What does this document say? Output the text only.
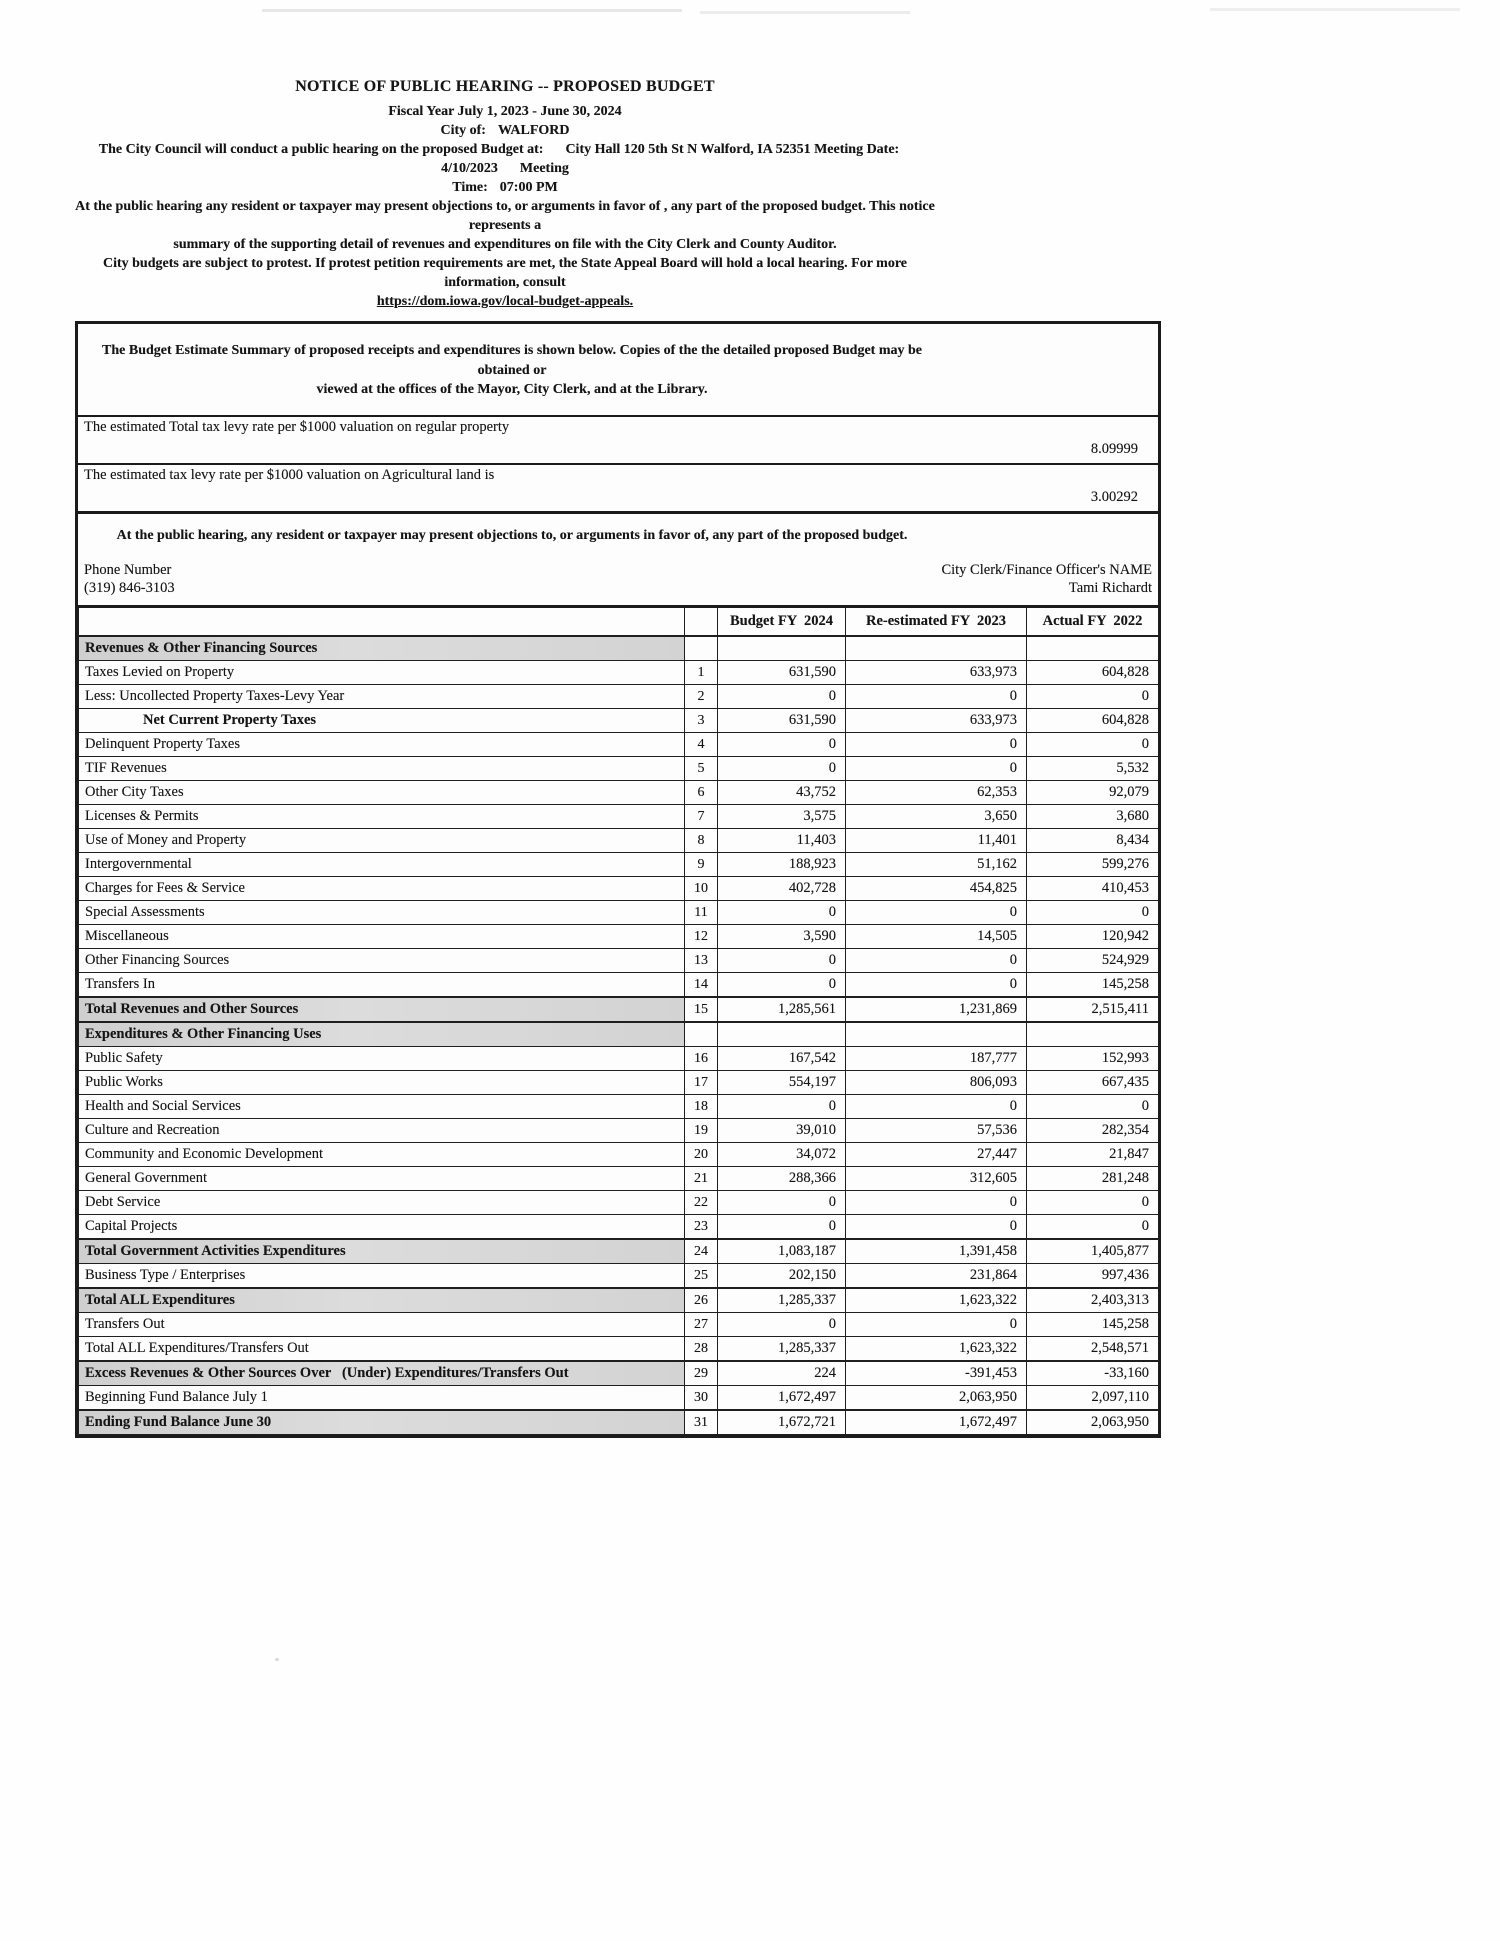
NOTICE OF PUBLIC HEARING -- PROPOSED BUDGET
Fiscal Year July 1, 2023 - June 30, 2024
City of: WALFORD
The City Council will conduct a public hearing on the proposed Budget at: City Hall 120 5th St N Walford, IA 52351 Meeting Date:4/10/2023 Meeting
Time: 07:00 PM
At the public hearing any resident or taxpayer may present objections to, or arguments in favor of , any part of the proposed budget. This notice represents a
summary of the supporting detail of revenues and expenditures on file with the City Clerk and County Auditor.
City budgets are subject to protest. If protest petition requirements are met, the State Appeal Board will hold a local hearing. For more information, consult
https://dom.iowa.gov/local-budget-appeals.
The Budget Estimate Summary of proposed receipts and expenditures is shown below. Copies of the the detailed proposed Budget may be obtained or
viewed at the offices of the Mayor, City Clerk, and at the Library.
The estimated Total tax levy rate per $1000 valuation on regular property
8.09999
The estimated tax levy rate per $1000 valuation on Agricultural land is
3.00292
At the public hearing, any resident or taxpayer may present objections to, or arguments in favor of, any part of the proposed budget.
Phone Number
(319) 846-3103
City Clerk/Finance Officer's NAME
Tami Richardt
		Budget FY  2024	Re-estimated FY  2023	Actual FY  2022
Revenues & Other Financing Sources				
Taxes Levied on Property	1	631,590	633,973	604,828
Less: Uncollected Property Taxes-Levy Year	2	0	0	0
Net Current Property Taxes	3	631,590	633,973	604,828
Delinquent Property Taxes	4	0	0	0
TIF Revenues	5	0	0	5,532
Other City Taxes	6	43,752	62,353	92,079
Licenses & Permits	7	3,575	3,650	3,680
Use of Money and Property	8	11,403	11,401	8,434
Intergovernmental	9	188,923	51,162	599,276
Charges for Fees & Service	10	402,728	454,825	410,453
Special Assessments	11	0	0	0
Miscellaneous	12	3,590	14,505	120,942
Other Financing Sources	13	0	0	524,929
Transfers In	14	0	0	145,258
Total Revenues and Other Sources	15	1,285,561	1,231,869	2,515,411
Expenditures & Other Financing Uses				
Public Safety	16	167,542	187,777	152,993
Public Works	17	554,197	806,093	667,435
Health and Social Services	18	0	0	0
Culture and Recreation	19	39,010	57,536	282,354
Community and Economic Development	20	34,072	27,447	21,847
General Government	21	288,366	312,605	281,248
Debt Service	22	0	0	0
Capital Projects	23	0	0	0
Total Government Activities Expenditures	24	1,083,187	1,391,458	1,405,877
Business Type / Enterprises	25	202,150	231,864	997,436
Total ALL Expenditures	26	1,285,337	1,623,322	2,403,313
Transfers Out	27	0	0	145,258
Total ALL Expenditures/Transfers Out	28	1,285,337	1,623,322	2,548,571
Excess Revenues & Other Sources Over   (Under) Expenditures/Transfers Out	29	224	-391,453	-33,160
Beginning Fund Balance July 1	30	1,672,497	2,063,950	2,097,110
Ending Fund Balance June 30	31	1,672,721	1,672,497	2,063,950
